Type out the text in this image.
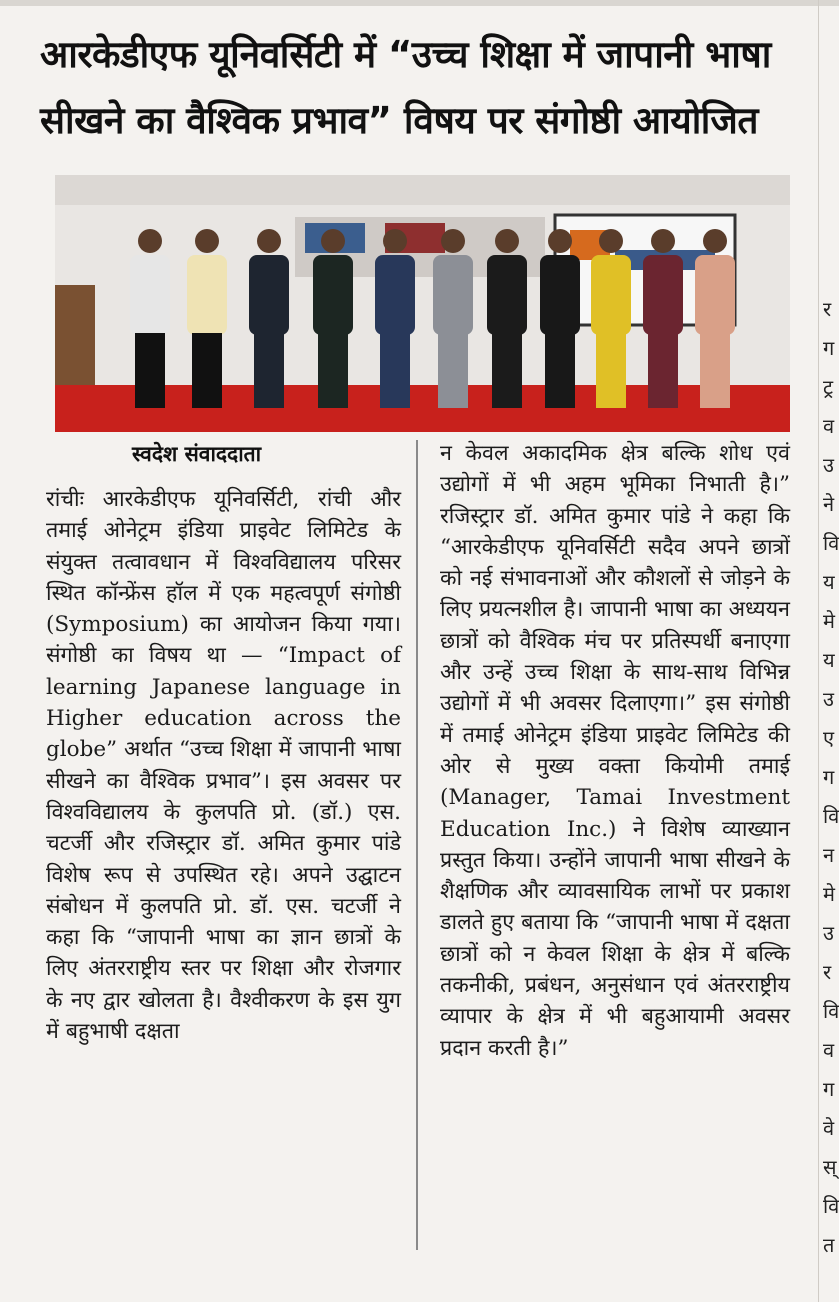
आरकेडीएफ यूनिवर्सिटी में “उच्च शिक्षा में जापानी भाषा
सीखने का वैश्विक प्रभाव” विषय पर संगोष्ठी आयोजित
स्वदेश संवाददाता
रांचीः आरकेडीएफ यूनिवर्सिटी, रांची और तमाई ओनेट्रम इंडिया प्राइवेट लिमिटेड के संयुक्त तत्वावधान में विश्वविद्यालय परिसर स्थित कॉन्फ्रेंस हॉल में एक महत्वपूर्ण संगोष्ठी (Symposium) का आयोजन किया गया। संगोष्ठी का विषय था — “Impact of learning Japanese language in Higher education across the globe” अर्थात “उच्च शिक्षा में जापानी भाषा सीखने का वैश्विक प्रभाव”। इस अवसर पर विश्वविद्यालय के कुलपति प्रो. (डॉ.) एस. चटर्जी और रजिस्ट्रार डॉ. अमित कुमार पांडे विशेष रूप से उपस्थित रहे। अपने उद्घाटन संबोधन में कुलपति प्रो. डॉ. एस. चटर्जी ने कहा कि “जापानी भाषा का ज्ञान छात्रों के लिए अंतरराष्ट्रीय स्तर पर शिक्षा और रोजगार के नए द्वार खोलता है। वैश्वीकरण के इस युग में बहुभाषी दक्षता
न केवल अकादमिक क्षेत्र बल्कि शोध एवं उद्योगों में भी अहम भूमिका निभाती है।” रजिस्ट्रार डॉ. अमित कुमार पांडे ने कहा कि “आरकेडीएफ यूनिवर्सिटी सदैव अपने छात्रों को नई संभावनाओं और कौशलों से जोड़ने के लिए प्रयत्नशील है। जापानी भाषा का अध्ययन छात्रों को वैश्विक मंच पर प्रतिस्पर्धी बनाएगा और उन्हें उच्च शिक्षा के साथ-साथ विभिन्न उद्योगों में भी अवसर दिलाएगा।” इस संगोष्ठी में तमाई ओनेट्रम इंडिया प्राइवेट लिमिटेड की ओर से मुख्य वक्ता कियोमी तमाई (Manager, Tamai Investment Education Inc.) ने विशेष व्याख्यान प्रस्तुत किया। उन्होंने जापानी भाषा सीखने के शैक्षणिक और व्यावसायिक लाभों पर प्रकाश डालते हुए बताया कि “जापानी भाषा में दक्षता छात्रों को न केवल शिक्षा के क्षेत्र में बल्कि तकनीकी, प्रबंधन, अनुसंधान एवं अंतरराष्ट्रीय व्यापार के क्षेत्र में भी बहुआयामी अवसर प्रदान करती है।”
र
ग
ट्र
व
उ
ने
वि
य
मे
य
उ
ए
ग
वि
न
मे
उ
र
वि
व
ग
वे
स्
वि
त
